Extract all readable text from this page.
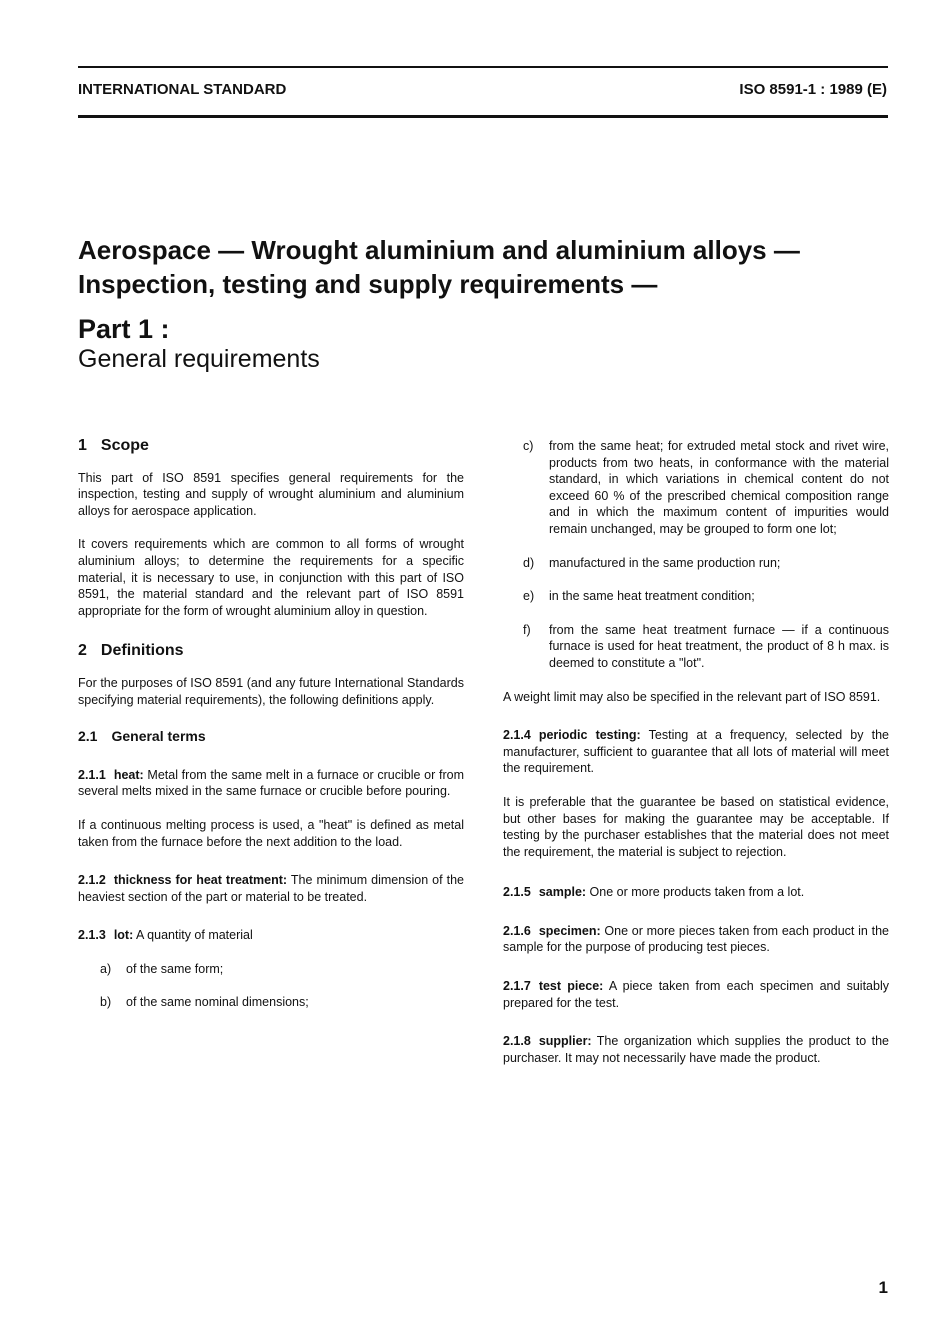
INTERNATIONAL STANDARD	ISO 8591-1 : 1989 (E)
Aerospace — Wrought aluminium and aluminium alloys —
Inspection, testing and supply requirements —
Part 1 :
General requirements
1 Scope

This part of ISO 8591 specifies general requirements for the inspection, testing and supply of wrought aluminium and aluminium alloys for aerospace application.

It covers requirements which are common to all forms of wrought aluminium alloys; to determine the requirements for a specific material, it is necessary to use, in conjunction with this part of ISO 8591, the material standard and the relevant part of ISO 8591 appropriate for the form of wrought aluminium alloy in question.

2 Definitions

For the purposes of ISO 8591 (and any future International Standards specifying material requirements), the following definitions apply.

2.1 General terms

2.1.1 heat: Metal from the same melt in a furnace or crucible or from several melts mixed in the same furnace or crucible before pouring.

If a continuous melting process is used, a "heat" is defined as metal taken from the furnace before the next addition to the load.

2.1.2 thickness for heat treatment: The minimum dimension of the heaviest section of the part or material to be treated.

2.1.3 lot: A quantity of material

a)	of the same form;
b)	of the same nominal dimensions;
c)	from the same heat; for extruded metal stock and rivet wire, products from two heats, in conformance with the material standard, in which variations in chemical content do not exceed 60 % of the prescribed chemical composition range and in which the maximum content of impurities would remain unchanged, may be grouped to form one lot;
d)	manufactured in the same production run;
e)	in the same heat treatment condition;
f)	from the same heat treatment furnace — if a continuous furnace is used for heat treatment, the product of 8 h max. is deemed to constitute a "lot".

A weight limit may also be specified in the relevant part of ISO 8591.

2.1.4 periodic testing: Testing at a frequency, selected by the manufacturer, sufficient to guarantee that all lots of material will meet the requirement.

It is preferable that the guarantee be based on statistical evidence, but other bases for making the guarantee may be acceptable. If testing by the purchaser establishes that the material does not meet the requirement, the material is subject to rejection.

2.1.5 sample: One or more products taken from a lot.

2.1.6 specimen: One or more pieces taken from each product in the sample for the purpose of producing test pieces.

2.1.7 test piece: A piece taken from each specimen and suitably prepared for the test.

2.1.8 supplier: The organization which supplies the product to the purchaser. It may not necessarily have made the product.

1
